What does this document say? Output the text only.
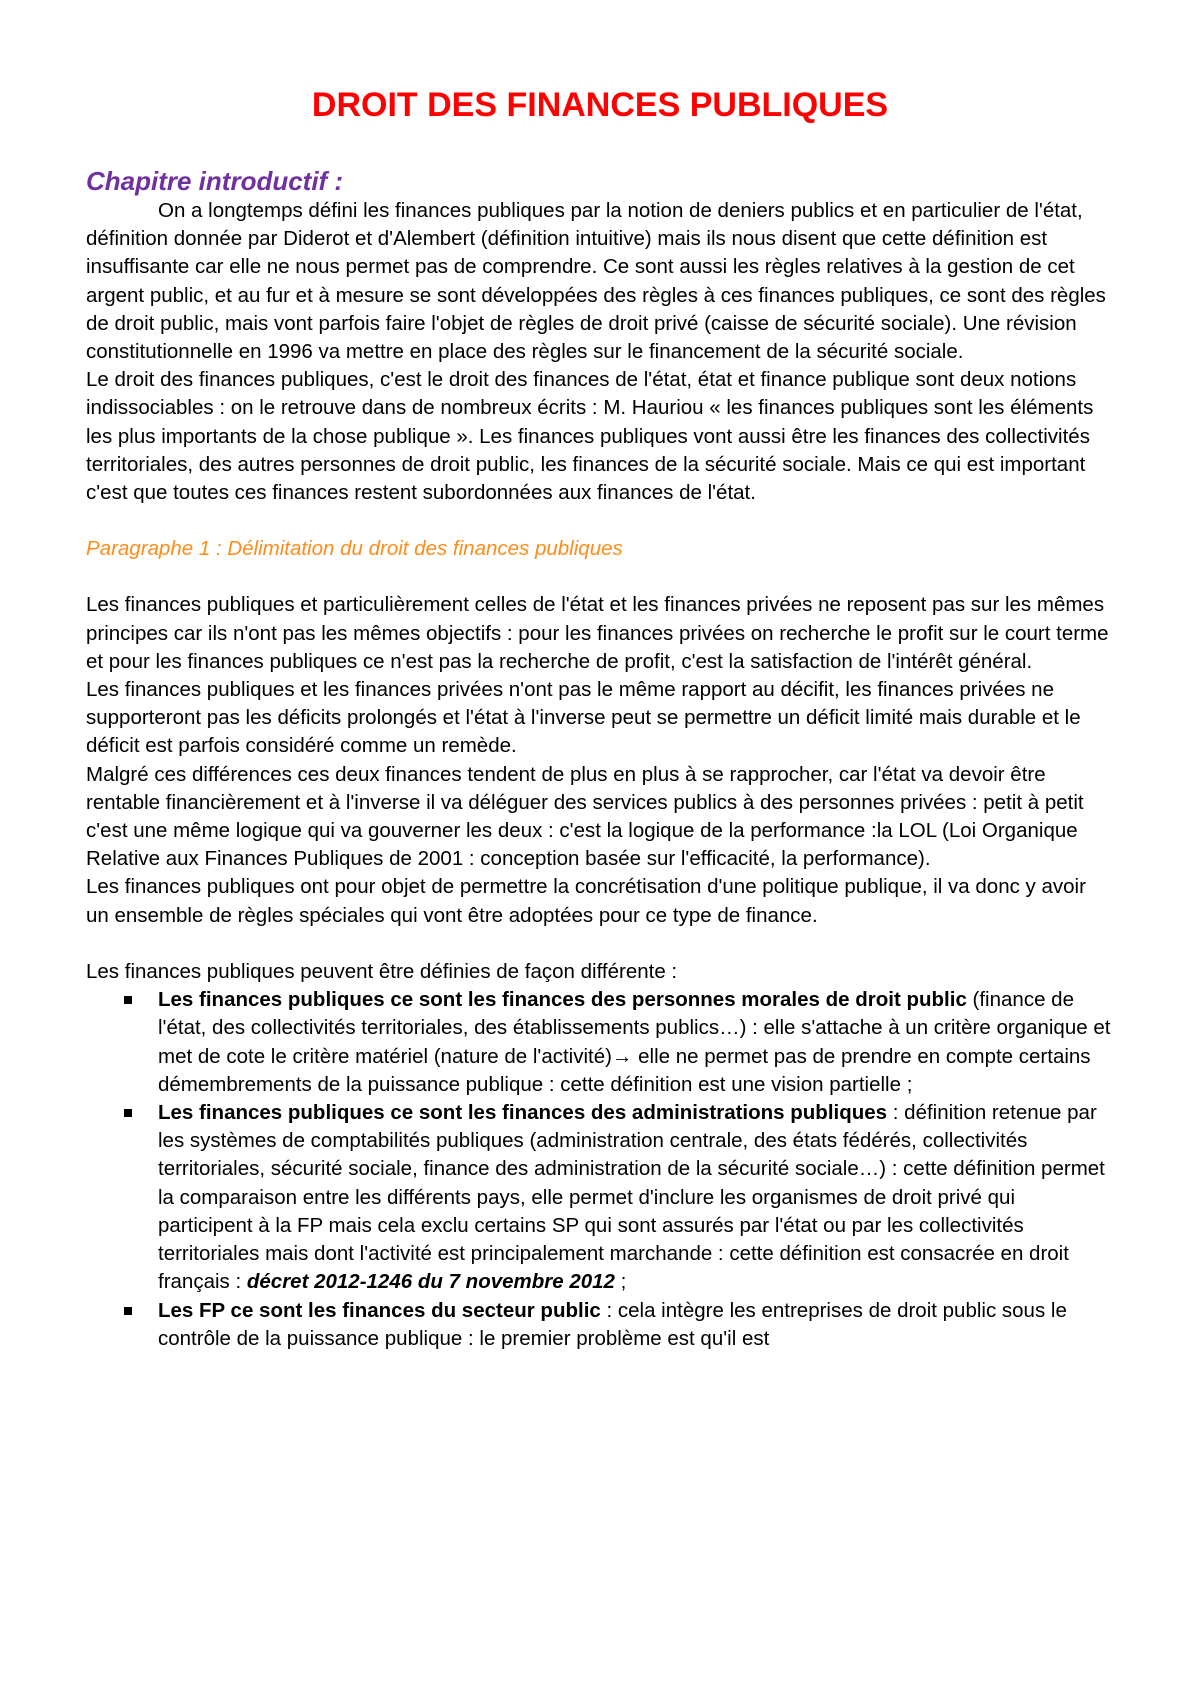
DROIT DES FINANCES PUBLIQUES
Chapitre introductif :

On a longtemps défini les finances publiques par la notion de deniers publics et en particulier de l'état, définition donnée par Diderot et d'Alembert (définition intuitive) mais ils nous disent que cette définition est insuffisante car elle ne nous permet pas de comprendre. Ce sont aussi les règles relatives à la gestion de cet argent public, et au fur et à mesure se sont développées des règles à ces finances publiques, ce sont des règles de droit public, mais vont parfois faire l'objet de règles de droit privé (caisse de sécurité sociale). Une révision constitutionnelle en 1996 va mettre en place des règles sur le financement de la sécurité sociale.

Le droit des finances publiques, c'est le droit des finances de l'état, état et finance publique sont deux notions indissociables : on le retrouve dans de nombreux écrits : M. Hauriou « les finances publiques sont les éléments les plus importants de la chose publique ». Les finances publiques vont aussi être les finances des collectivités territoriales, des autres personnes de droit public, les finances de la sécurité sociale. Mais ce qui est important c'est que toutes ces finances restent subordonnées aux finances de l'état.

Paragraphe 1 : Délimitation du droit des finances publiques

Les finances publiques et particulièrement celles de l'état et les finances privées ne reposent pas sur les mêmes principes car ils n'ont pas les mêmes objectifs : pour les finances privées on recherche le profit sur le court terme et pour les finances publiques ce n'est pas la recherche de profit, c'est la satisfaction de l'intérêt général.

Les finances publiques et les finances privées n'ont pas le même rapport au décifit, les finances privées ne supporteront pas les déficits prolongés et l'état à l'inverse peut se permettre un déficit limité mais durable et le déficit est parfois considéré comme un remède.

Malgré ces différences ces deux finances tendent de plus en plus à se rapprocher, car l'état va devoir être rentable financièrement et à l'inverse il va déléguer des services publics à des personnes privées : petit à petit c'est une même logique qui va gouverner les deux : c'est la logique de la performance :la LOL (Loi Organique Relative aux Finances Publiques de 2001 : conception basée sur l'efficacité, la performance).

Les finances publiques ont pour objet de permettre la concrétisation d'une politique publique, il va donc y avoir un ensemble de règles spéciales qui vont être adoptées pour ce type de finance.

Les finances publiques peuvent être définies de façon différente :

Les finances publiques ce sont les finances des personnes morales de droit public (finance de l'état, des collectivités territoriales, des établissements publics…) : elle s'attache à un critère organique et met de cote le critère matériel (nature de l'activité)→ elle ne permet pas de prendre en compte certains démembrements de la puissance publique : cette définition est une vision partielle ;
Les finances publiques ce sont les finances des administrations publiques : définition retenue par les systèmes de comptabilités publiques (administration centrale, des états fédérés, collectivités territoriales, sécurité sociale, finance des administration de la sécurité sociale…) : cette définition permet la comparaison entre les différents pays, elle permet d'inclure les organismes de droit privé qui participent à la FP mais cela exclu certains SP qui sont assurés par l'état ou par les collectivités territoriales mais dont l'activité est principalement marchande : cette définition est consacrée en droit français : décret 2012-1246 du 7 novembre 2012 ;
Les FP ce sont les finances du secteur public : cela intègre les entreprises de droit public sous le contrôle de la puissance publique : le premier problème est qu'il est
